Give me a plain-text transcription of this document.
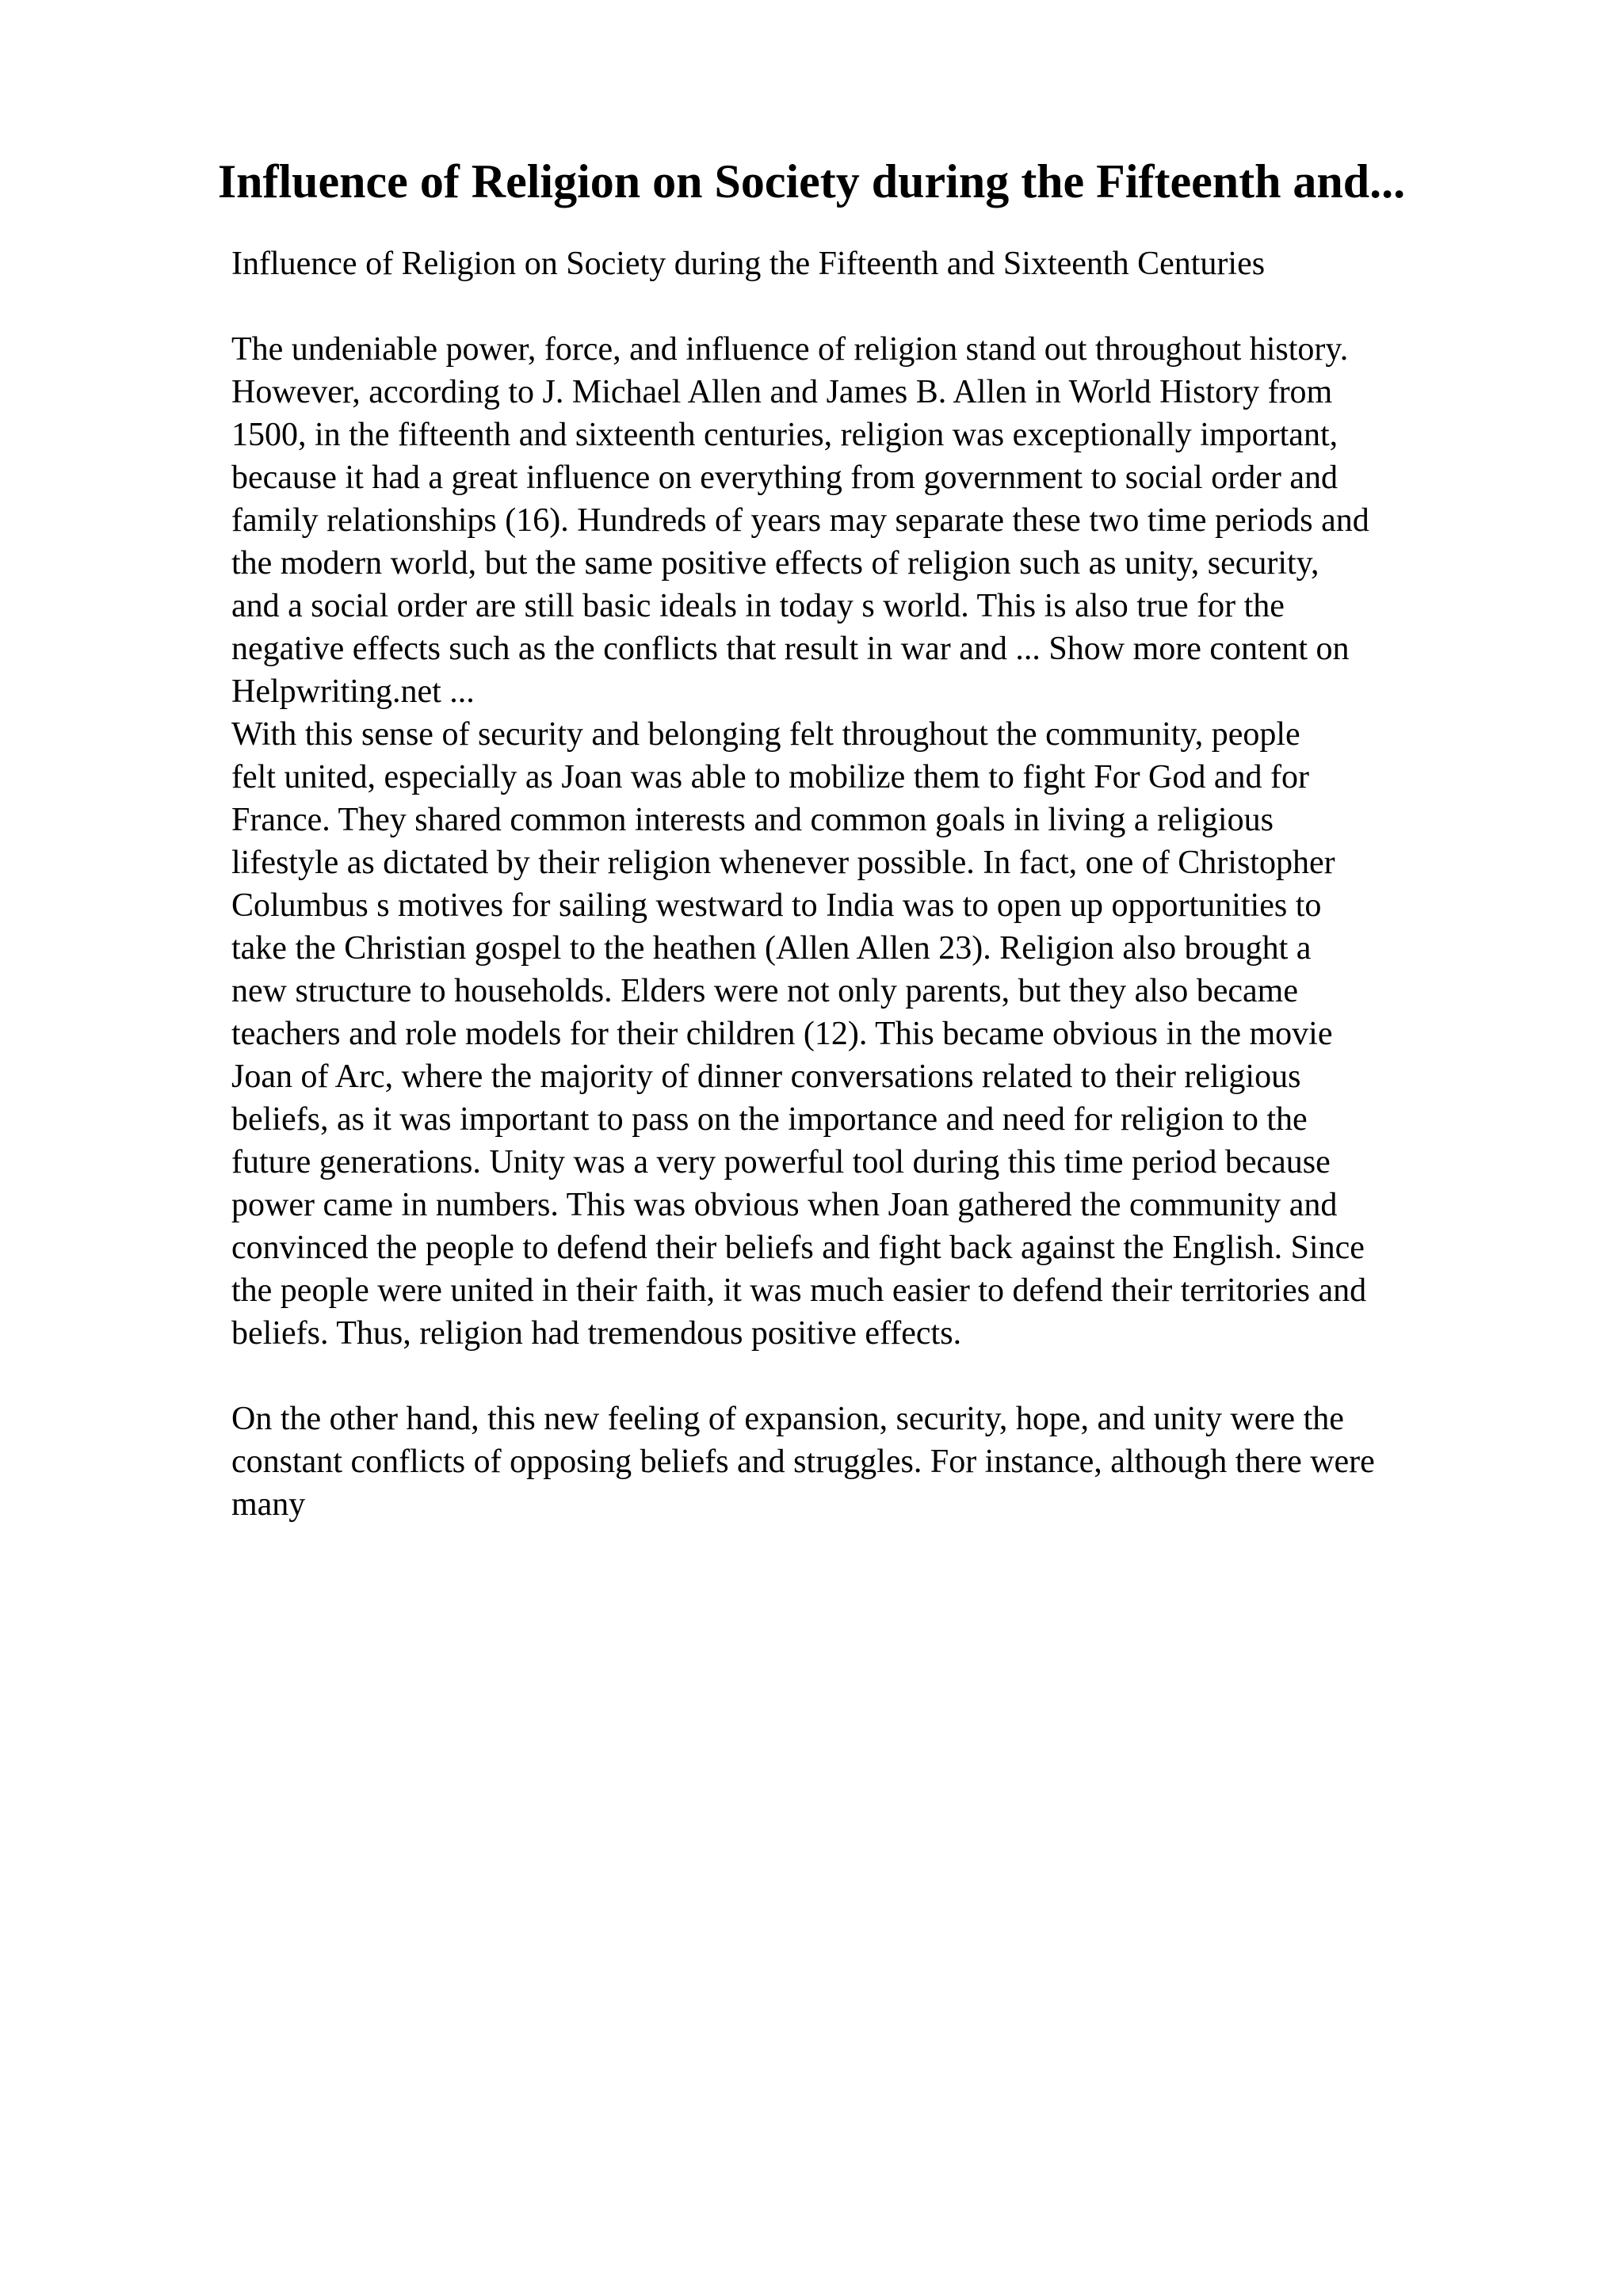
Influence of Religion on Society during the Fifteenth and...
Influence of Religion on Society during the Fifteenth and Sixteenth Centuries
The undeniable power, force, and influence of religion stand out throughout history.
However, according to J. Michael Allen and James B. Allen in World History from
1500, in the fifteenth and sixteenth centuries, religion was exceptionally important,
because it had a great influence on everything from government to social order and
family relationships (16). Hundreds of years may separate these two time periods and
the modern world, but the same positive effects of religion such as unity, security,
and a social order are still basic ideals in today s world. This is also true for the
negative effects such as the conflicts that result in war and ... Show more content on
Helpwriting.net ...
With this sense of security and belonging felt throughout the community, people
felt united, especially as Joan was able to mobilize them to fight For God and for
France. They shared common interests and common goals in living a religious
lifestyle as dictated by their religion whenever possible. In fact, one of Christopher
Columbus s motives for sailing westward to India was to open up opportunities to
take the Christian gospel to the heathen (Allen Allen 23). Religion also brought a
new structure to households. Elders were not only parents, but they also became
teachers and role models for their children (12). This became obvious in the movie
Joan of Arc, where the majority of dinner conversations related to their religious
beliefs, as it was important to pass on the importance and need for religion to the
future generations. Unity was a very powerful tool during this time period because
power came in numbers. This was obvious when Joan gathered the community and
convinced the people to defend their beliefs and fight back against the English. Since
the people were united in their faith, it was much easier to defend their territories and
beliefs. Thus, religion had tremendous positive effects.
On the other hand, this new feeling of expansion, security, hope, and unity were the
constant conflicts of opposing beliefs and struggles. For instance, although there were
many
